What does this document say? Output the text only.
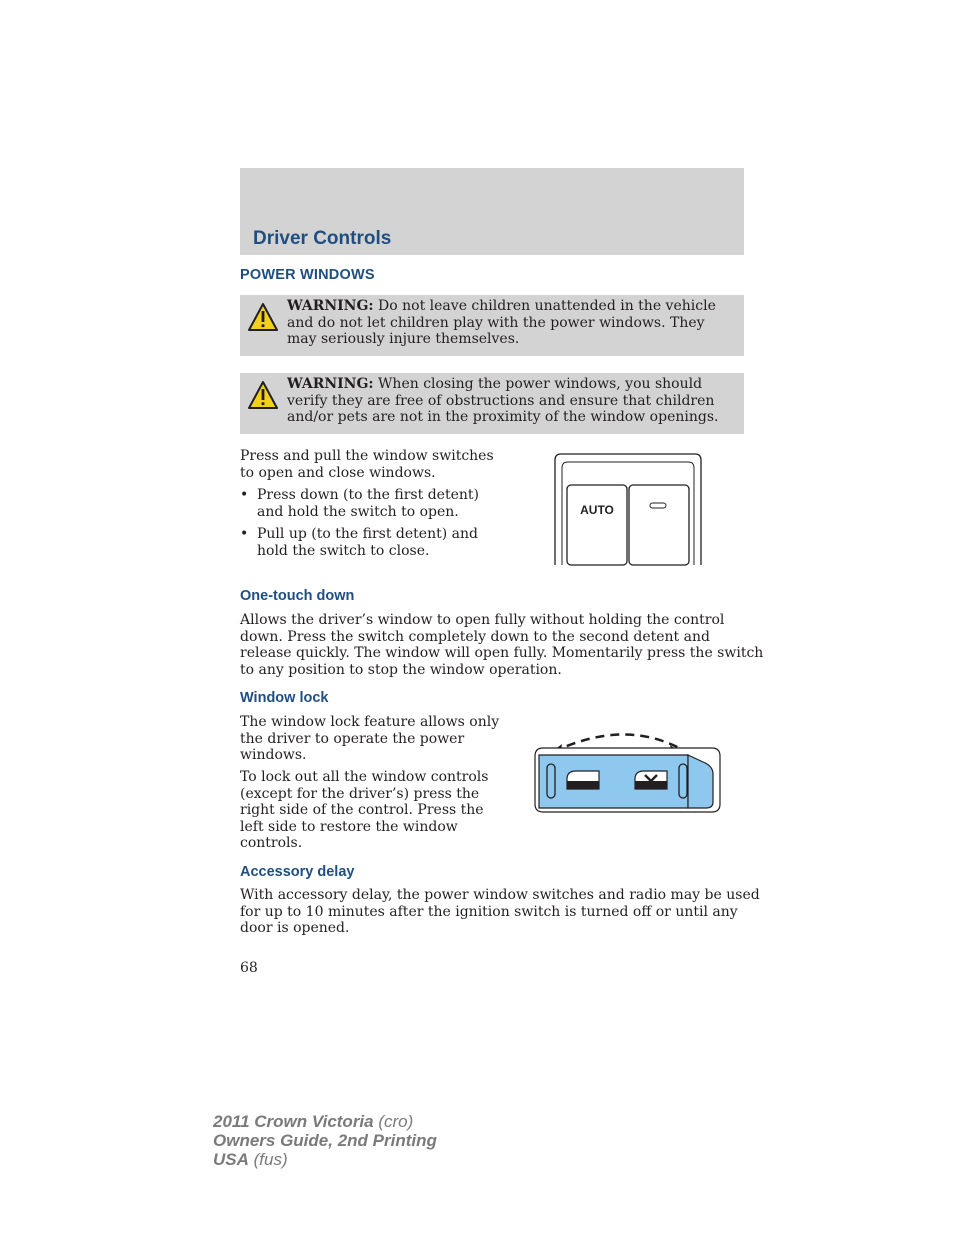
Driver Controls
POWER WINDOWS
WARNING: Do not leave children unattended in the vehicle and do not let children play with the power windows. They may seriously injure themselves.
WARNING: When closing the power windows, you should verify they are free of obstructions and ensure that children and/or pets are not in the proximity of the window openings.
Press and pull the window switches
to open and close windows.
• Press down (to the first detent)
and hold the switch to open.
• Pull up (to the first detent) and
hold the switch to close.
AUTO
One-touch down
Allows the driver’s window to open fully without holding the control
down. Press the switch completely down to the second detent and
release quickly. The window will open fully. Momentarily press the switch
to any position to stop the window operation.
Window lock
The window lock feature allows only
the driver to operate the power
windows.
To lock out all the window controls
(except for the driver’s) press the
right side of the control. Press the
left side to restore the window
controls.
Accessory delay
With accessory delay, the power window switches and radio may be used
for up to 10 minutes after the ignition switch is turned off or until any
door is opened.
68
2011 Crown Victoria (cro)
Owners Guide, 2nd Printing
USA (fus)
